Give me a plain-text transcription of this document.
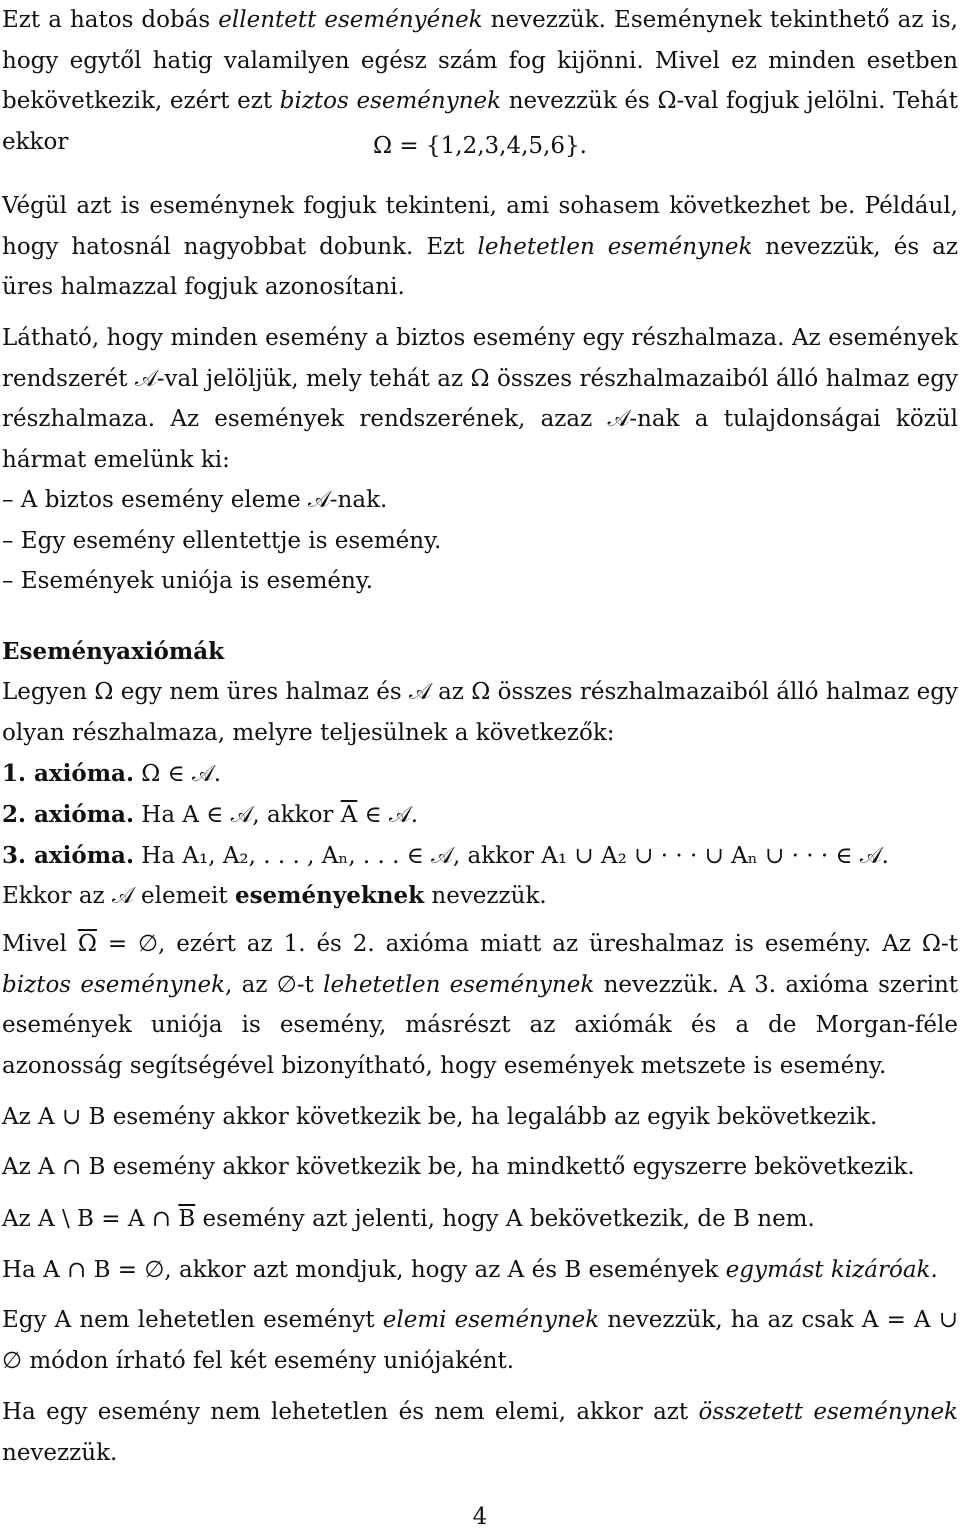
Ezt a hatos dobás ellentett eseményének nevezzük. Eseménynek tekinthető az is, hogy egytől hatig valamilyen egész szám fog kijönni. Mivel ez minden esetben bekövetkezik, ezért ezt biztos eseménynek nevezzük és Ω-val fogjuk jelölni. Tehát ekkor	Ω = {1,2,3,4,5,6}.

Végül azt is eseménynek fogjuk tekinteni, ami sohasem következhet be. Például, hogy hatosnál nagyobbat dobunk. Ezt lehetetlen eseménynek nevezzük, és az üres halmazzal fogjuk azonosítani.

Látható, hogy minden esemény a biztos esemény egy részhalmaza. Az események rendszerét 𝒜-val jelöljük, mely tehát az Ω összes részhalmazaiból álló halmaz egy részhalmaza. Az események rendszerének, azaz 𝒜-nak a tulajdonságai közül hármat emelünk ki:

– A biztos esemény eleme 𝒜-nak.
– Egy esemény ellentettje is esemény.
– Események uniója is esemény.
Eseményaxiómák

Legyen Ω egy nem üres halmaz és 𝒜 az Ω összes részhalmazaiból álló halmaz egy olyan részhalmaza, melyre teljesülnek a következők:

1. axióma. Ω ∈ 𝒜.
2. axióma. Ha A ∈ 𝒜, akkor $\overline{A}$ ∈ 𝒜.
3. axióma. Ha A₁, A₂, . . . , Aₙ, . . . ∈ 𝒜, akkor A₁ ∪ A₂ ∪ · · · ∪ Aₙ ∪ · · · ∈ 𝒜.
Ekkor az 𝒜 elemeit eseményeknek nevezzük.

Mivel $\overline{\Omega}$ = ∅, ezért az 1. és 2. axióma miatt az üreshalmaz is esemény. Az Ω-t biztos eseménynek, az ∅-t lehetetlen eseménynek nevezzük. A 3. axióma szerint események uniója is esemény, másrészt az axiómák és a de Morgan-féle azonosság segítségével bizonyítható, hogy események metszete is esemény.

Az A ∪ B esemény akkor következik be, ha legalább az egyik bekövetkezik.
Az A ∩ B esemény akkor következik be, ha mindkettő egyszerre bekövetkezik.
Az A \ B = A ∩ $\overline{B}$ esemény azt jelenti, hogy A bekövetkezik, de B nem.
Ha A ∩ B = ∅, akkor azt mondjuk, hogy az A és B események egymást kizáróak.

Egy A nem lehetetlen eseményt elemi eseménynek nevezzük, ha az csak A = A ∪ ∅ módon írható fel két esemény uniójaként.

Ha egy esemény nem lehetetlen és nem elemi, akkor azt összetett eseménynek nevezzük.

4
